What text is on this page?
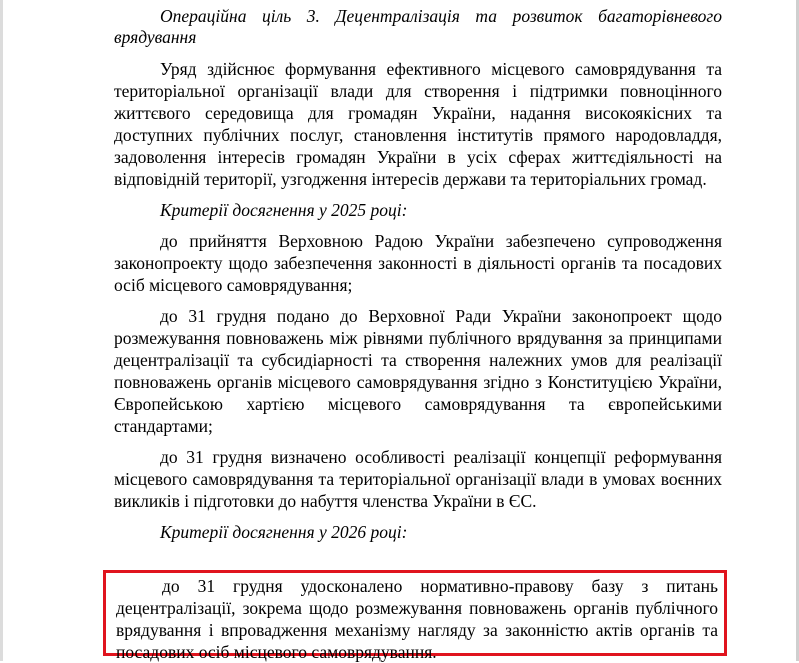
Операційна ціль 3. Децентралізація та розвиток багаторівневого врядування

Уряд здійснює формування ефективного місцевого самоврядування та територіальної організації влади для створення і підтримки повноцінного життєвого середовища для громадян України, надання високоякісних та доступних публічних послуг, становлення інститутів прямого народовладдя, задоволення інтересів громадян України в усіх сферах життєдіяльності на відповідній території, узгодження інтересів держави та територіальних громад.

Критерії досягнення у 2025 році:

до прийняття Верховною Радою України забезпечено супроводження законопроекту щодо забезпечення законності в діяльності органів та посадових осіб місцевого самоврядування;

до 31 грудня подано до Верховної Ради України законопроект щодо розмежування повноважень між рівнями публічного врядування за принципами децентралізації та субсидіарності та створення належних умов для реалізації повноважень органів місцевого самоврядування згідно з Конституцією України, Європейською хартією місцевого самоврядування та європейськими стандартами;

до 31 грудня визначено особливості реалізації концепції реформування місцевого самоврядування та територіальної організації влади в умовах воєнних викликів і підготовки до набуття членства України в ЄС.

Критерії досягнення у 2026 році:

до 31 грудня удосконалено нормативно-правову базу з питань децентралізації, зокрема щодо розмежування повноважень органів публічного врядування і впровадження механізму нагляду за законністю актів органів та посадових осіб місцевого самоврядування.
